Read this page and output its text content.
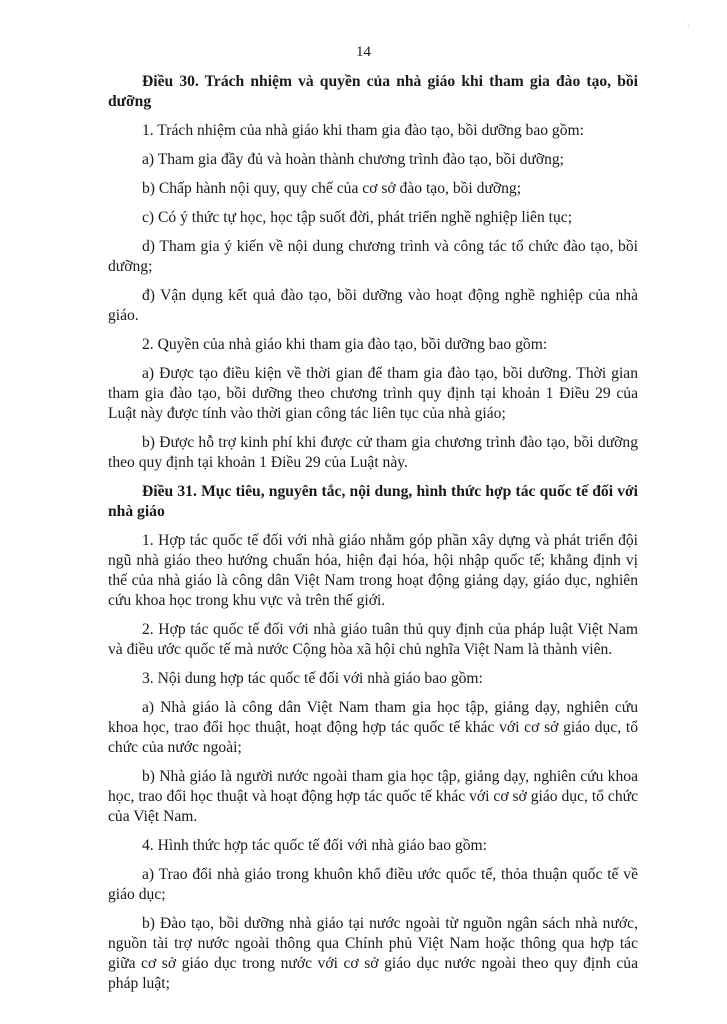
˙ ,
14

Điều 30. Trách nhiệm và quyền của nhà giáo khi tham gia đào tạo, bồi dưỡng

1. Trách nhiệm của nhà giáo khi tham gia đào tạo, bồi dưỡng bao gồm:

a) Tham gia đầy đủ và hoàn thành chương trình đào tạo, bồi dưỡng;

b) Chấp hành nội quy, quy chế của cơ sở đào tạo, bồi dưỡng;

c) Có ý thức tự học, học tập suốt đời, phát triển nghề nghiệp liên tục;

d) Tham gia ý kiến về nội dung chương trình và công tác tổ chức đào tạo, bồi dưỡng;

đ) Vận dụng kết quả đào tạo, bồi dưỡng vào hoạt động nghề nghiệp của nhà giáo.

2. Quyền của nhà giáo khi tham gia đào tạo, bồi dưỡng bao gồm:

a) Được tạo điều kiện về thời gian để tham gia đào tạo, bồi dưỡng. Thời gian tham gia đào tạo, bồi dưỡng theo chương trình quy định tại khoản 1 Điều 29 của Luật này được tính vào thời gian công tác liên tục của nhà giáo;

b) Được hỗ trợ kinh phí khi được cử tham gia chương trình đào tạo, bồi dưỡng theo quy định tại khoản 1 Điều 29 của Luật này.

Điều 31. Mục tiêu, nguyên tắc, nội dung, hình thức hợp tác quốc tế đối với nhà giáo

1. Hợp tác quốc tế đối với nhà giáo nhằm góp phần xây dựng và phát triển đội ngũ nhà giáo theo hướng chuẩn hóa, hiện đại hóa, hội nhập quốc tế; khẳng định vị thế của nhà giáo là công dân Việt Nam trong hoạt động giảng dạy, giáo dục, nghiên cứu khoa học trong khu vực và trên thế giới.

2. Hợp tác quốc tế đối với nhà giáo tuân thủ quy định của pháp luật Việt Nam và điều ước quốc tế mà nước Cộng hòa xã hội chủ nghĩa Việt Nam là thành viên.

3. Nội dung hợp tác quốc tế đối với nhà giáo bao gồm:

a) Nhà giáo là công dân Việt Nam tham gia học tập, giảng dạy, nghiên cứu khoa học, trao đổi học thuật, hoạt động hợp tác quốc tế khác với cơ sở giáo dục, tổ chức của nước ngoài;

b) Nhà giáo là người nước ngoài tham gia học tập, giảng dạy, nghiên cứu khoa học, trao đổi học thuật và hoạt động hợp tác quốc tế khác với cơ sở giáo dục, tổ chức của Việt Nam.

4. Hình thức hợp tác quốc tế đối với nhà giáo bao gồm:

a) Trao đổi nhà giáo trong khuôn khổ điều ước quốc tế, thỏa thuận quốc tế về giáo dục;

b) Đào tạo, bồi dưỡng nhà giáo tại nước ngoài từ nguồn ngân sách nhà nước, nguồn tài trợ nước ngoài thông qua Chính phủ Việt Nam hoặc thông qua hợp tác giữa cơ sở giáo dục trong nước với cơ sở giáo dục nước ngoài theo quy định của pháp luật;
